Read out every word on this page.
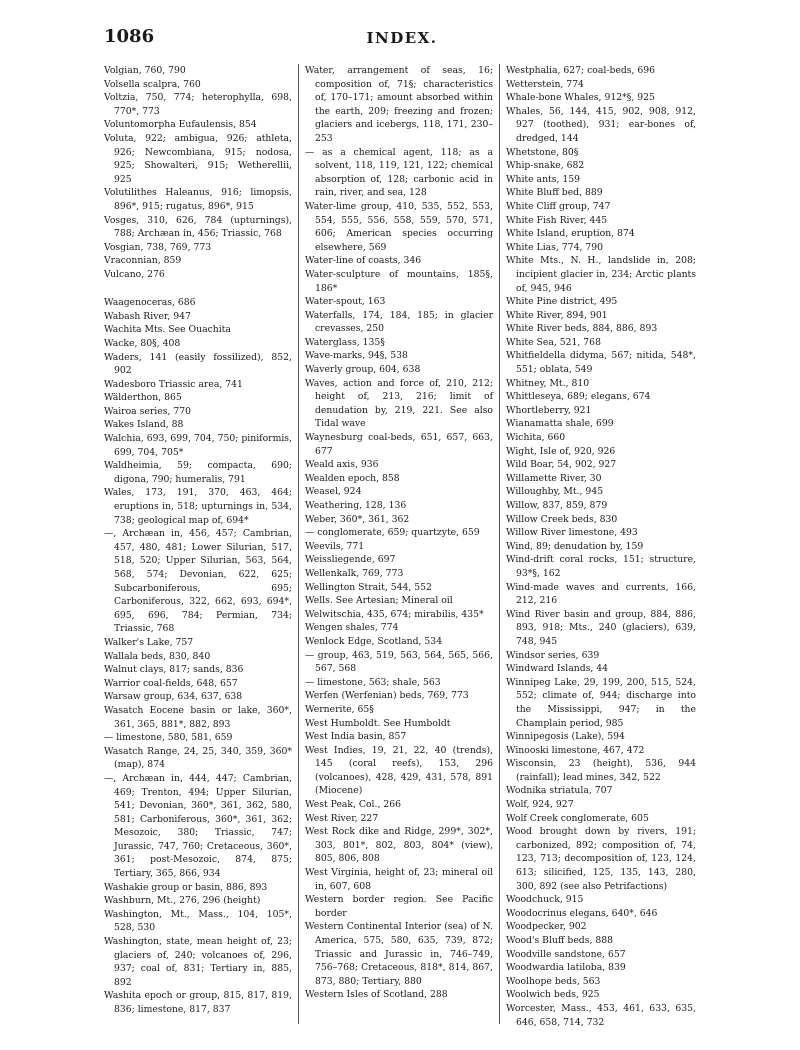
1086	INDEX.
Volgian, 760, 790
Volsella scalpra, 760
Voltzia, 750, 774; heterophylla, 698, 770*, 773
Voluntomorpha Eufaulensis, 854
Voluta, 922; ambigua, 926; athleta, 926; Newcombiana, 915; nodosa, 925; Showalteri, 915; Wetherellii, 925
Volutilithes Haleanus, 916; limopsis, 896*, 915; rugatus, 896*, 915
Vosges, 310, 626, 784 (upturnings), 788; Archæan in, 456; Triassic, 768
Vosgian, 738, 769, 773
Vraconnian, 859
Vulcano, 276
Waagenoceras, 686
Wabash River, 947
Wachita Mts. See Ouachita
Wacke, 80§, 408
Waders, 141 (easily fossilized), 852, 902
Wadesboro Triassic area, 741
Wälderthon, 865
Wairoa series, 770
Wakes Island, 88
Walchia, 693, 699, 704, 750; piniformis, 699, 704, 705*
Waldheimia, 59; compacta, 690; digona, 790; humeralis, 791
Wales, 173, 191, 370, 463, 464; eruptions in, 518; upturnings in, 534, 738; geological map of, 694*
—, Archæan in, 456, 457; Cambrian, 457, 480, 481; Lower Silurian, 517, 518, 520; Upper Silurian, 563, 564, 568, 574; Devonian, 622, 625; Subcarboniferous, 695; Carboniferous, 322, 662, 693, 694*, 695, 696, 784; Permian, 734; Triassic, 768
Walker's Lake, 757
Wallala beds, 830, 840
Walnut clays, 817; sands, 836
Warrior coal-fields, 648, 657
Warsaw group, 634, 637, 638
Wasatch Eocene basin or lake, 360*, 361, 365, 881*, 882, 893
— limestone, 580, 581, 659
Wasatch Range, 24, 25, 340, 359, 360* (map), 874
—, Archæan in, 444, 447; Cambrian, 469; Trenton, 494; Upper Silurian, 541; Devonian, 360*, 361, 362, 580, 581; Carboniferous, 360*, 361, 362; Mesozoic, 380; Triassic, 747; Jurassic, 747, 760; Cretaceous, 360*, 361; post-Mesozoic, 874, 875; Tertiary, 365, 866, 934
Washakie group or basin, 886, 893
Washburn, Mt., 276, 296 (height)
Washington, Mt., Mass., 104, 105*, 528, 530
Washington, state, mean height of, 23; glaciers of, 240; volcanoes of, 296, 937; coal of, 831; Tertiary in, 885, 892
Washita epoch or group, 815, 817, 819, 836; limestone, 817, 837
Water, arrangement of seas, 16; composition of, 71§; characteristics of, 170–171; amount absorbed within the earth, 209; freezing and frozen; glaciers and icebergs, 118, 171, 230–253
— as a chemical agent, 118; as a solvent, 118, 119, 121, 122; chemical absorption of, 128; carbonic acid in rain, river, and sea, 128
Water-lime group, 410, 535, 552, 553, 554, 555, 556, 558, 559, 570, 571, 606; American species occurring elsewhere, 569
Water-line of coasts, 346
Water-sculpture of mountains, 185§, 186*
Water-spout, 163
Waterfalls, 174, 184, 185; in glacier crevasses, 250
Waterglass, 135§
Wave-marks, 94§, 538
Waverly group, 604, 638
Waves, action and force of, 210, 212; height of, 213, 216; limit of denudation by, 219, 221. See also Tidal wave
Waynesburg coal-beds, 651, 657, 663, 677
Weald axis, 936
Wealden epoch, 858
Weasel, 924
Weathering, 128, 136
Weber, 360*, 361, 362
— conglomerate, 659; quartzyte, 659
Weevils, 771
Weissliegende, 697
Wellenkalk, 769, 773
Wellington Strait, 544, 552
Wells. See Artesian; Mineral oil
Welwitschia, 435, 674; mirabilis, 435*
Wengen shales, 774
Wenlock Edge, Scotland, 534
— group, 463, 519, 563, 564, 565, 566, 567, 568
— limestone, 563; shale, 563
Werfen (Werfenian) beds, 769, 773
Wernerite, 65§
West Humboldt. See Humboldt
West India basin, 857
West Indies, 19, 21, 22, 40 (trends), 145 (coral reefs), 153, 296 (volcanoes), 428, 429, 431, 578, 891 (Miocene)
West Peak, Col., 266
West River, 227
West Rock dike and Ridge, 299*, 302*, 303, 801*, 802, 803, 804* (view), 805, 806, 808
West Virginia, height of, 23; mineral oil in, 607, 608
Western border region. See Pacific border
Western Continental Interior (sea) of N. America, 575, 580, 635, 739, 872; Triassic and Jurassic in, 746–749, 756–768; Cretaceous, 818*, 814, 867, 873, 880; Tertiary, 880
Western Isles of Scotland, 288
Westphalia, 627; coal-beds, 696
Wetterstein, 774
Whale-bone Whales, 912*§, 925
Whales, 56, 144, 415, 902, 908, 912, 927 (toothed), 931; ear-bones of, dredged, 144
Whetstone, 80§
Whip-snake, 682
White ants, 159
White Bluff bed, 889
White Cliff group, 747
White Fish River, 445
White Island, eruption, 874
White Lias, 774, 790
White Mts., N. H., landslide in, 208; incipient glacier in, 234; Arctic plants of, 945, 946
White Pine district, 495
White River, 894, 901
White River beds, 884, 886, 893
White Sea, 521, 768
Whitfieldella didyma, 567; nitida, 548*, 551; oblata, 549
Whitney, Mt., 810
Whittleseya, 689; elegans, 674
Whortleberry, 921
Wianamatta shale, 699
Wichita, 660
Wight, Isle of, 920, 926
Wild Boar, 54, 902, 927
Willamette River, 30
Willoughby, Mt., 945
Willow, 837, 859, 879
Willow Creek beds, 830
Willow River limestone, 493
Wind, 89; denudation by, 159
Wind-drift coral rocks, 151; structure, 93*§, 162
Wind-made waves and currents, 166, 212, 216
Wind River basin and group, 884, 886, 893, 918; Mts., 240 (glaciers), 639, 748, 945
Windsor series, 639
Windward Islands, 44
Winnipeg Lake, 29, 199, 200, 515, 524, 552; climate of, 944; discharge into the Mississippi, 947; in the Champlain period, 985
Winnipegosis (Lake), 594
Winooski limestone, 467, 472
Wisconsin, 23 (height), 536, 944 (rainfall); lead mines, 342, 522
Wodnika striatula, 707
Wolf, 924, 927
Wolf Creek conglomerate, 605
Wood brought down by rivers, 191; carbonized, 892; composition of, 74, 123, 713; decomposition of, 123, 124, 613; silicified, 125, 135, 143, 280, 300, 892 (see also Petrifactions)
Woodchuck, 915
Woodocrinus elegans, 640*, 646
Woodpecker, 902
Wood's Bluff beds, 888
Woodville sandstone, 657
Woodwardia latiloba, 839
Woolhope beds, 563
Woolwich beds, 925
Worcester, Mass., 453, 461, 633, 635, 646, 658, 714, 732
